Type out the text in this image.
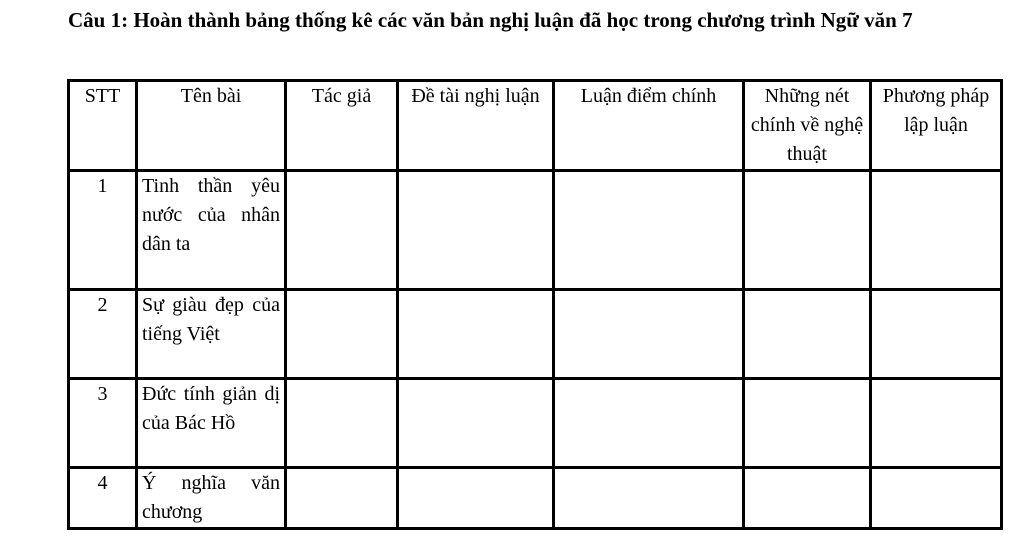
Câu 1: Hoàn thành bảng thống kê các văn bản nghị luận đã học trong chương trình Ngữ văn 7
STT	Tên bài	Tác giả	Đề tài nghị luận	Luận điểm chính	Những nét chính về nghệ thuật	Phương pháp lập luận
1	Tinh thần yêu nước của nhân dân ta					
2	Sự giàu đẹp của tiếng Việt					
3	Đức tính giản dị của Bác Hồ					
4	Ý nghĩa văn chương					
